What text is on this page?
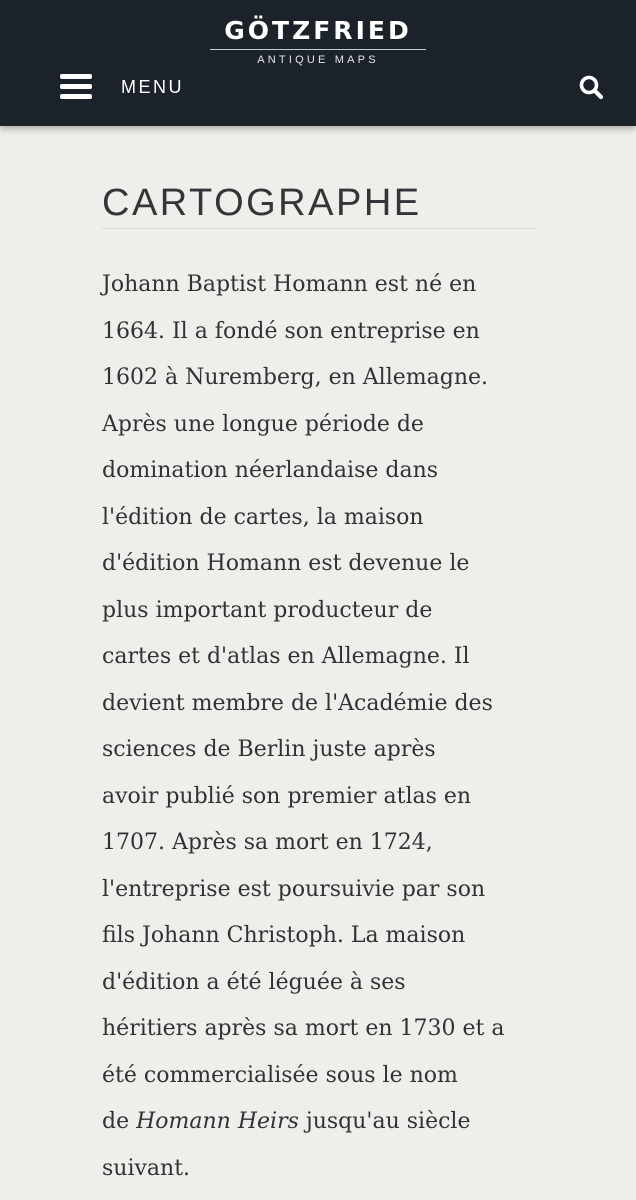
GÖTZFRIED
ANTIQUE MAPS
MENU
CARTOGRAPHE

Johann Baptist Homann est né en

1664. Il a fondé son entreprise en

1602 à Nuremberg, en Allemagne.

Après une longue période de

domination néerlandaise dans

l'édition de cartes, la maison

d'édition Homann est devenue le

plus important producteur de

cartes et d'atlas en Allemagne. Il

devient membre de l'Académie des

sciences de Berlin juste après

avoir publié son premier atlas en

1707. Après sa mort en 1724,

l'entreprise est poursuivie par son

fils Johann Christoph. La maison

d'édition a été léguée à ses

héritiers après sa mort en 1730 et a

été commercialisée sous le nom

de Homann Heirs jusqu'au siècle

suivant.
